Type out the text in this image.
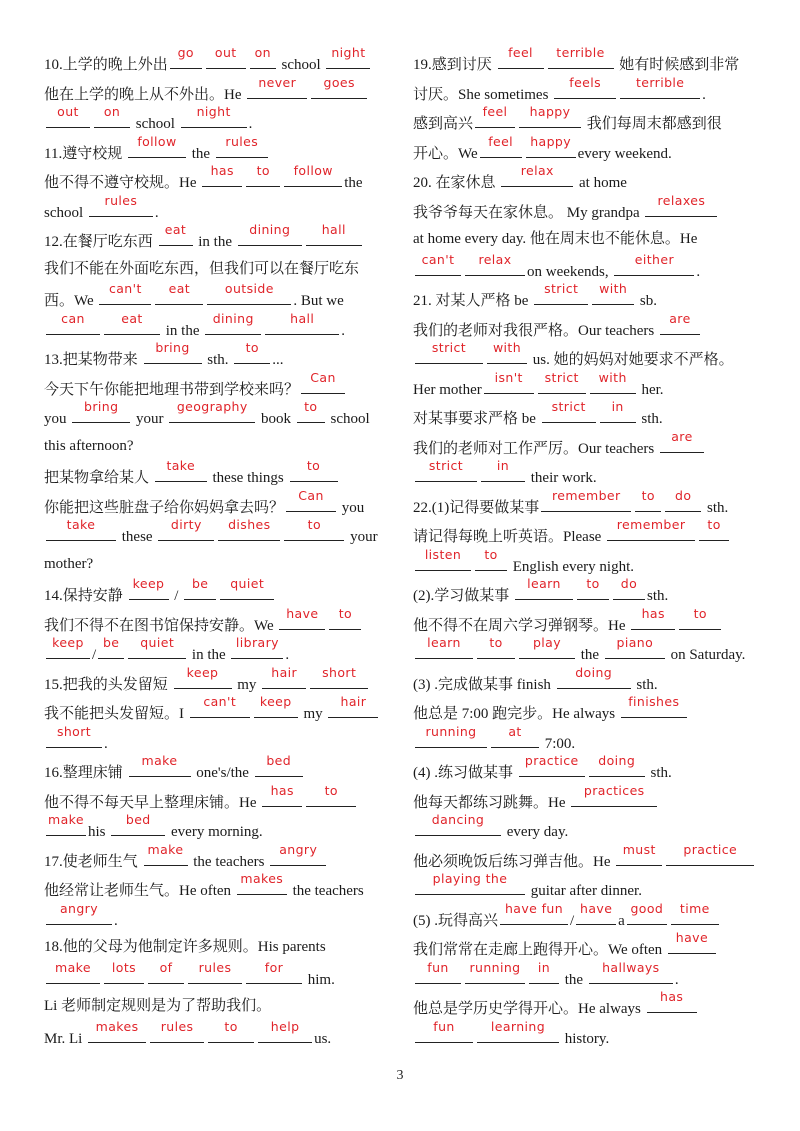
10.上学的晚上外出
go	out	on
school
night
他在上学的晚上从不外出。He
never	goes
out	on
school
night
.
11.遵守校规
follow
the
rules
他不得不遵守校规。He
has	to	follow
the
school
rules
.
12.在餐厅吃东西
eat
in the
dining	hall
我们不能在外面吃东西，但我们可以在餐厅吃东
西。We
can't	eat	outside
. But we
can	eat
in the
dining	hall
.
13.把某物带来
bring
sth.
to
...
今天下午你能把地理书带到学校来吗？
Can
you
bring
your
geography
book
to
school
this afternoon?
把某物拿给某人
take
these things
to
你能把这些脏盘子给你妈妈拿去吗？
Can
you
take
these
dirty	dishes	to
your
mother?
14.保持安静
keep
/
be	quiet
我们不得不在图书馆保持安静。We
have	to
keep
/
be	quiet
in the
library
.
15.把我的头发留短
keep
my
hair	short
我不能把头发留短。I
can't	keep
my
hair
short
.
16.整理床铺
make
one's/the
bed
他不得不每天早上整理床铺。He
has	to
make
his
bed
every morning.
17.使老师生气
make
the teachers
angry
他经常让老师生气。He often
makes
the teachers
angry
.
18.他的父母为他制定许多规则。His parents
make	lots	of	rules	for
him.
Li 老师制定规则是为了帮助我们。
Mr. Li
makes	rules	to	help
us.
19.感到讨厌
feel	terrible
她有时候感到非常
讨厌。She sometimes
feels	terrible
.
感到高兴
feel	happy
我们每周末都感到很
开心。We
feel	happy
every weekend.
20. 在家休息
relax
at home
我爷爷每天在家休息。 My grandpa
relaxes
at home every day. 他在周末也不能休息。He
can't	relax
on weekends,
either
.
21. 对某人严格 be
strict	with
sb.
我们的老师对我很严格。Our teachers
are
strict	with
us. 她的妈妈对她要求不严格。
Her mother
isn't	strict	with
her.
对某事要求严格 be
strict	in
sth.
我们的老师对工作严厉。Our teachers
are
strict	in
their work.
22.(1)记得要做某事
remember	to	do
sth.
请记得每晚上听英语。Please
remember	to
listen	to
English every night.
(2).学习做某事
learn	to	do
sth.
他不得不在周六学习弹钢琴。He
has	to
learn	to	play
the
piano
on Saturday.
(3) .完成做某事 finish
doing
sth.
他总是 7:00 跑完步。He always
finishes
running	at
7:00.
(4) .练习做某事
practice	doing
sth.
他每天都练习跳舞。He
practices
dancing
every day.
他必须晚饭后练习弹吉他。He
must	practice
playing the
guitar after dinner.
(5) .玩得高兴
have fun
/
have
a
good	time
我们常常在走廊上跑得开心。We often
have
fun	running	in
the
hallways
.
他总是学历史学得开心。He always
has
fun	learning
history.
3
